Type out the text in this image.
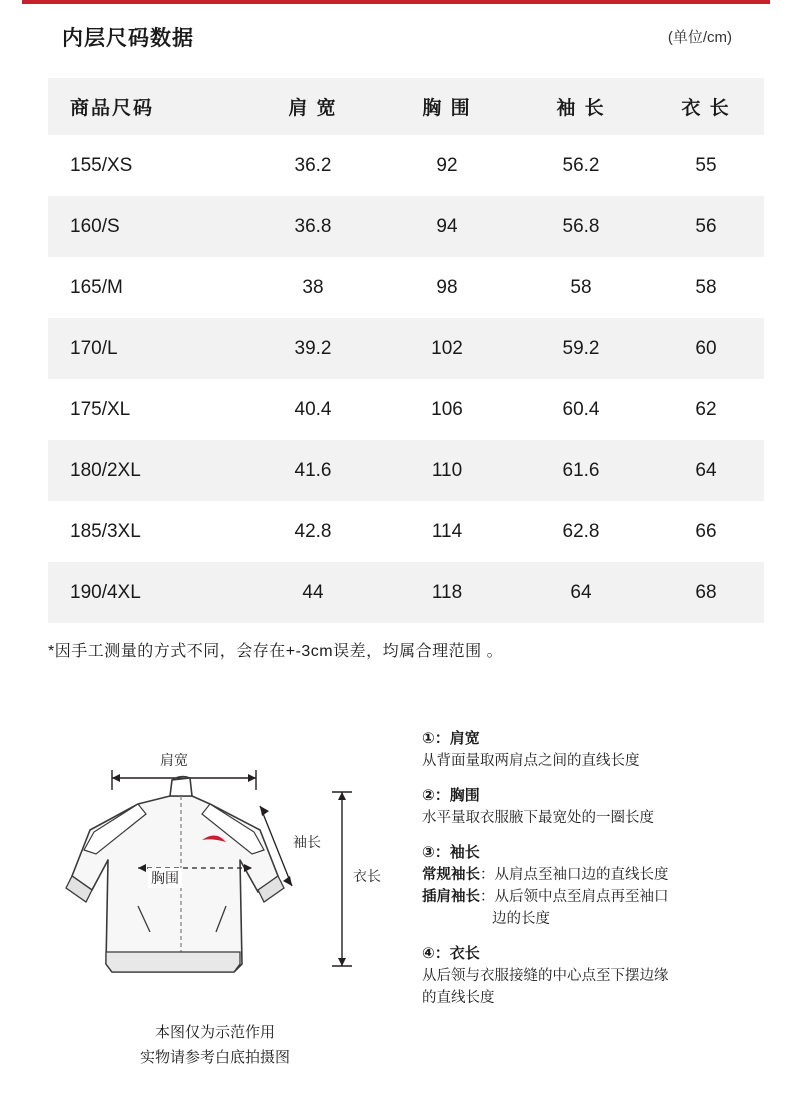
内层尺码数据	(单位/cm)
商品尺码	肩 宽	胸 围	袖 长	衣 长
155/XS	36.2	92	56.2	55
160/S	36.8	94	56.8	56
165/M	38	98	58	58
170/L	39.2	102	59.2	60
175/XL	40.4	106	60.4	62
180/2XL	41.6	110	61.6	64
185/3XL	42.8	114	62.8	66
190/4XL	44	118	64	68
*因手工测量的方式不同，会存在+-3cm误差，均属合理范围 。
肩宽
袖长
胸围	衣长
本图仅为示范作用
实物请参考白底拍摄图
①：肩宽
从背面量取两肩点之间的直线长度
②：胸围
水平量取衣服腋下最宽处的一圈长度
③：袖长
常规袖长：从肩点至袖口边的直线长度
插肩袖长：从后领中点至肩点再至袖口
边的长度
④：衣长
从后领与衣服接缝的中心点至下摆边缘
的直线长度
